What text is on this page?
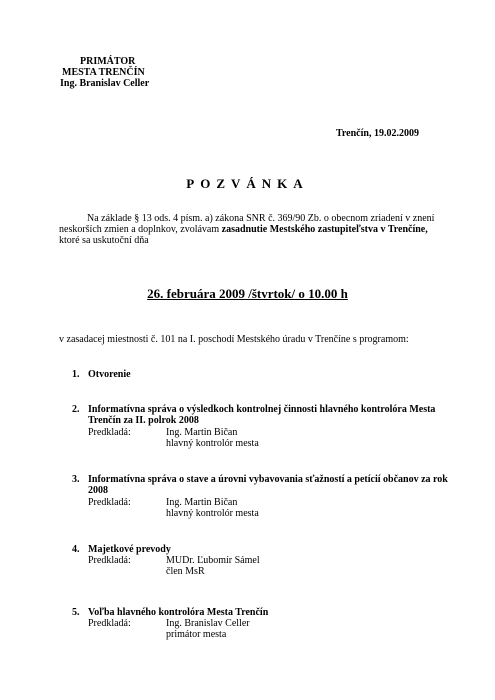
PRIMÁTOR
MESTA TRENČÍN
Ing. Branislav Celler
Trenčín, 19.02.2009
POZVÁNKA
Na základe § 13 ods. 4 písm. a) zákona SNR č. 369/90 Zb. o obecnom zriadení v znení neskorších zmien a doplnkov, zvolávam zasadnutie Mestského zastupiteľstva v Trenčíne, ktoré sa uskutoční dňa
26. februára 2009 /štvrtok/ o 10.00 h
v zasadacej miestnosti č. 101 na I. poschodí Mestského úradu v Trenčíne s programom:
1. Otvorenie
2. Informatívna správa o výsledkoch kontrolnej činnosti hlavného kontrolóra Mesta Trenčín za II. polrok 2008
Predkladá:	Ing. Martin Bičan
hlavný kontrolór mesta
3. Informatívna správa o stave a úrovni vybavovania sťažností a petícií občanov za rok 2008
Predkladá:	Ing. Martin Bičan
hlavný kontrolór mesta
4. Majetkové prevody
Predkladá:	MUDr. Ľubomír Sámel
člen MsR
5. Voľba hlavného kontrolóra Mesta Trenčín
Predkladá:	Ing. Branislav Celler
primátor mesta
